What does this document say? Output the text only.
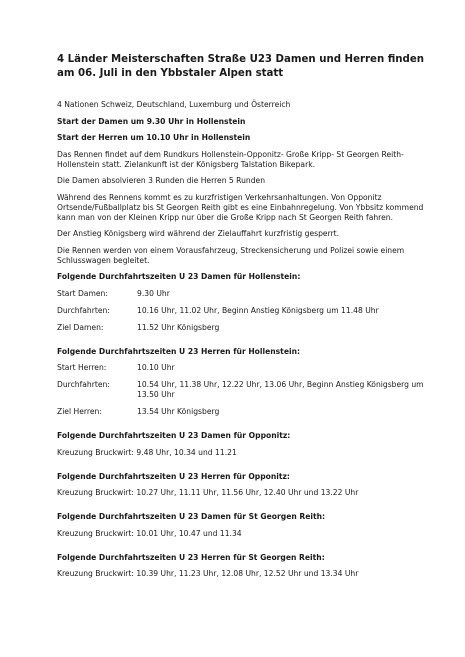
4 Länder Meisterschaften Straße U23 Damen und Herren finden am 06. Juli in den Ybbstaler Alpen statt

4 Nationen Schweiz, Deutschland, Luxemburg und Österreich

Start der Damen um 9.30 Uhr in Hollenstein

Start der Herren um 10.10 Uhr in Hollenstein

Das Rennen findet auf dem Rundkurs Hollenstein-Opponitz- Große Kripp- St Georgen Reith- Hollenstein statt. Zielankunft ist der Königsberg Talstation Bikepark.

Die Damen absolvieren 3 Runden die Herren 5 Runden

Während des Rennens kommt es zu kurzfristigen Verkehrsanhaltungen. Von Opponitz Ortsende/Fußballplatz bis St Georgen Reith gibt es eine Einbahnregelung. Von Ybbsitz kommend kann man von der Kleinen Kripp nur über die Große Kripp nach St Georgen Reith fahren.

Der Anstieg Königsberg wird während der Zielauffahrt kurzfristig gesperrt.

Die Rennen werden von einem Vorausfahrzeug, Streckensicherung und Polizei sowie einem Schlusswagen begleitet.

Folgende Durchfahrtszeiten U 23 Damen für Hollenstein:

Start Damen:	9.30 Uhr
Durchfahrten:	10.16 Uhr, 11.02 Uhr, Beginn Anstieg Königsberg um 11.48 Uhr
Ziel Damen:	11.52 Uhr Königsberg

Folgende Durchfahrtszeiten U 23 Herren für Hollenstein:

Start Herren:	10.10 Uhr
Durchfahrten:	10.54 Uhr, 11.38 Uhr, 12.22 Uhr, 13.06 Uhr, Beginn Anstieg Königsberg um 13.50 Uhr
Ziel Herren:	13.54 Uhr Königsberg

Folgende Durchfahrtszeiten U 23 Damen für Opponitz:

Kreuzung Bruckwirt: 9.48 Uhr, 10.34 und 11.21

Folgende Durchfahrtszeiten U 23 Herren für Opponitz:

Kreuzung Bruckwirt: 10.27 Uhr, 11.11 Uhr, 11.56 Uhr, 12.40 Uhr und 13.22 Uhr

Folgende Durchfahrtszeiten U 23 Damen für St Georgen Reith:

Kreuzung Bruckwirt: 10.01 Uhr, 10.47 und 11.34

Folgende Durchfahrtszeiten U 23 Herren für St Georgen Reith:

Kreuzung Bruckwirt: 10.39 Uhr, 11.23 Uhr, 12.08 Uhr, 12.52 Uhr und 13.34 Uhr
